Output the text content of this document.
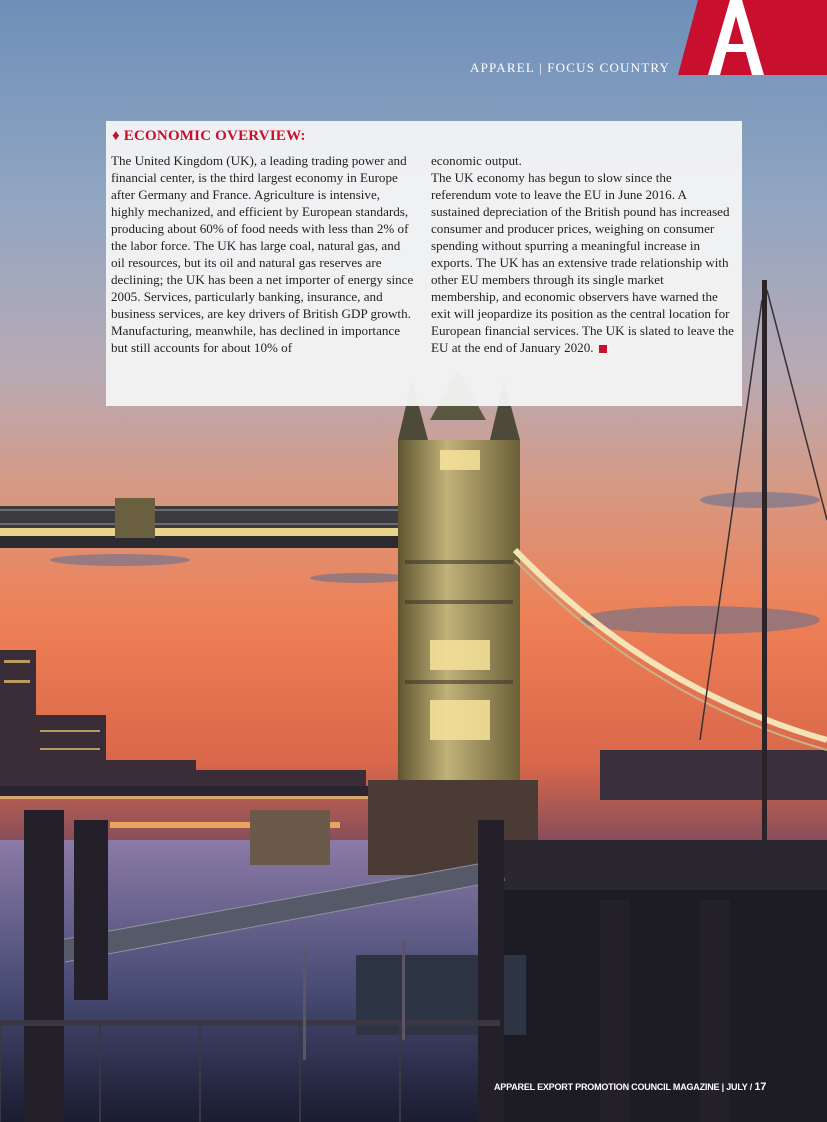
APPAREL | FOCUS COUNTRY
♦ ECONOMIC OVERVIEW:
The United Kingdom (UK), a leading trading power and financial center, is the third largest economy in Europe after Germany and France. Agriculture is intensive, highly mechanized, and efficient by European standards, producing about 60% of food needs with less than 2% of the labor force. The UK has large coal, natural gas, and oil resources, but its oil and natural gas reserves are declining; the UK has been a net importer of energy since 2005. Services, particularly banking, insurance, and business services, are key drivers of British GDP growth. Manufacturing, meanwhile, has declined in importance but still accounts for about 10% of
economic output.
The UK economy has begun to slow since the referendum vote to leave the EU in June 2016. A sustained depreciation of the British pound has increased consumer and producer prices, weighing on consumer spending without spurring a meaningful increase in exports. The UK has an extensive trade relationship with other EU members through its single market membership, and economic observers have warned the exit will jeopardize its position as the central location for European financial services. The UK is slated to leave the EU at the end of January 2020.
APPAREL EXPORT PROMOTION COUNCIL MAGAZINE | JULY / 17
